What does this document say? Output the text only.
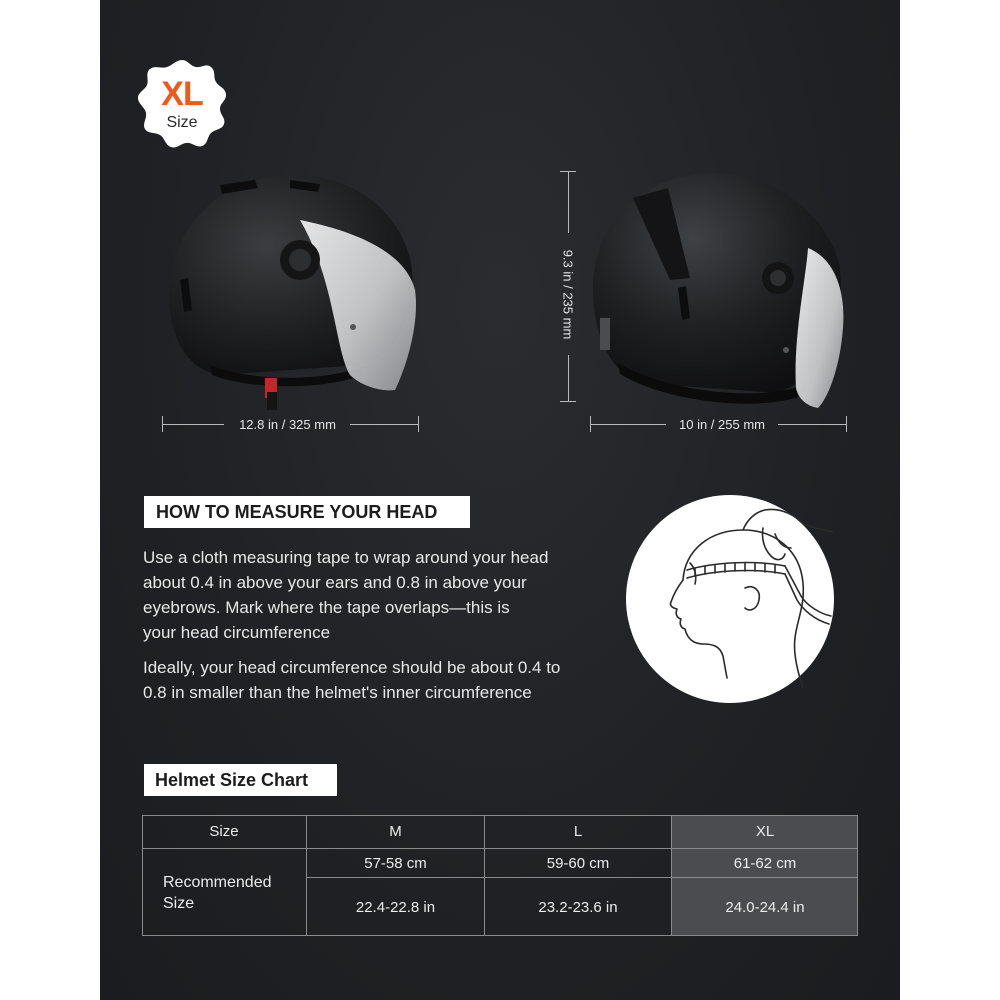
XL
Size
12.8 in / 325 mm
9.3 in / 235 mm
10 in / 255 mm
HOW TO MEASURE YOUR HEAD
Use a cloth measuring tape to wrap around your head
about 0.4 in above your ears and 0.8 in above your
eyebrows. Mark where the tape overlaps—this is
your head circumference
Ideally, your head circumference should be about 0.4 to
0.8 in smaller than the helmet's inner circumference
Helmet Size Chart
Size	M	L	XL
Recommended
Size
57-58 cm	59-60 cm	61-62 cm
22.4-22.8 in	23.2-23.6 in	24.0-24.4 in
